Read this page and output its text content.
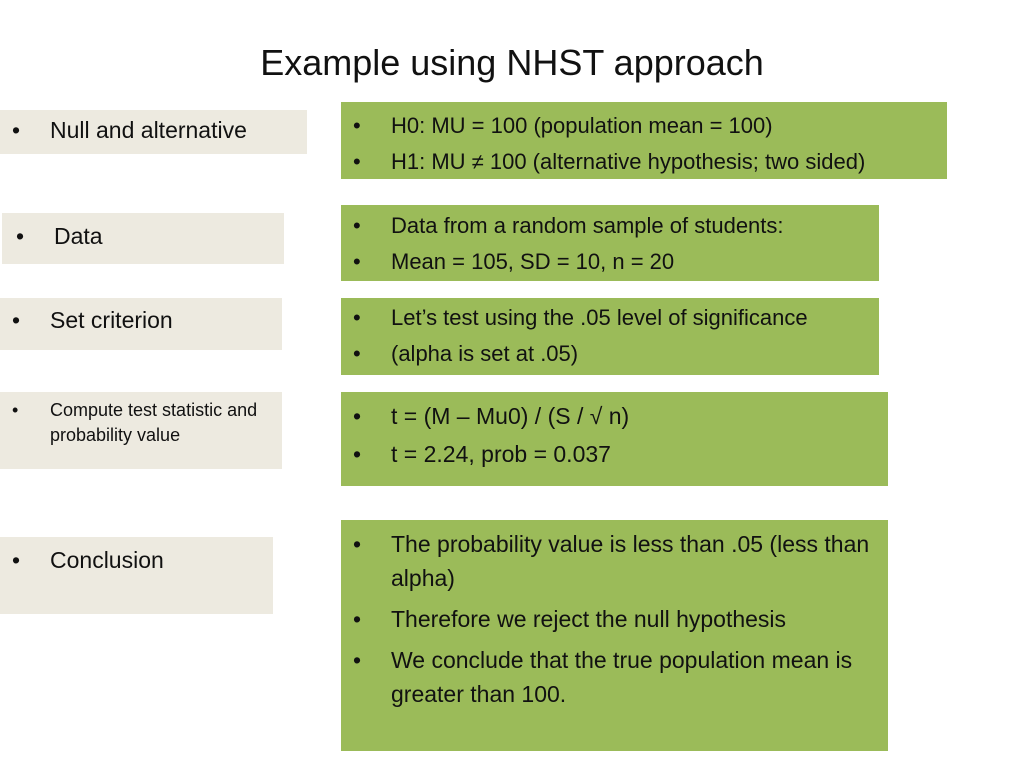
Example using NHST approach
• Null and alternative	• H0: MU = 100 (population mean = 100)
• H1: MU ≠ 100 (alternative hypothesis; two sided)
• Data	• Data from a random sample of students:
• Mean = 105, SD = 10, n = 20
• Set criterion	• Let’s test using the .05 level of significance
• (alpha is set at .05)
• Compute test statistic and probability value
• t = (M – Mu0) / (S / √ n)
• t = 2.24, prob = 0.037
• Conclusion
• The probability value is less than .05 (less than alpha)
• Therefore we reject the null hypothesis
• We conclude that the true population mean is greater than 100.
